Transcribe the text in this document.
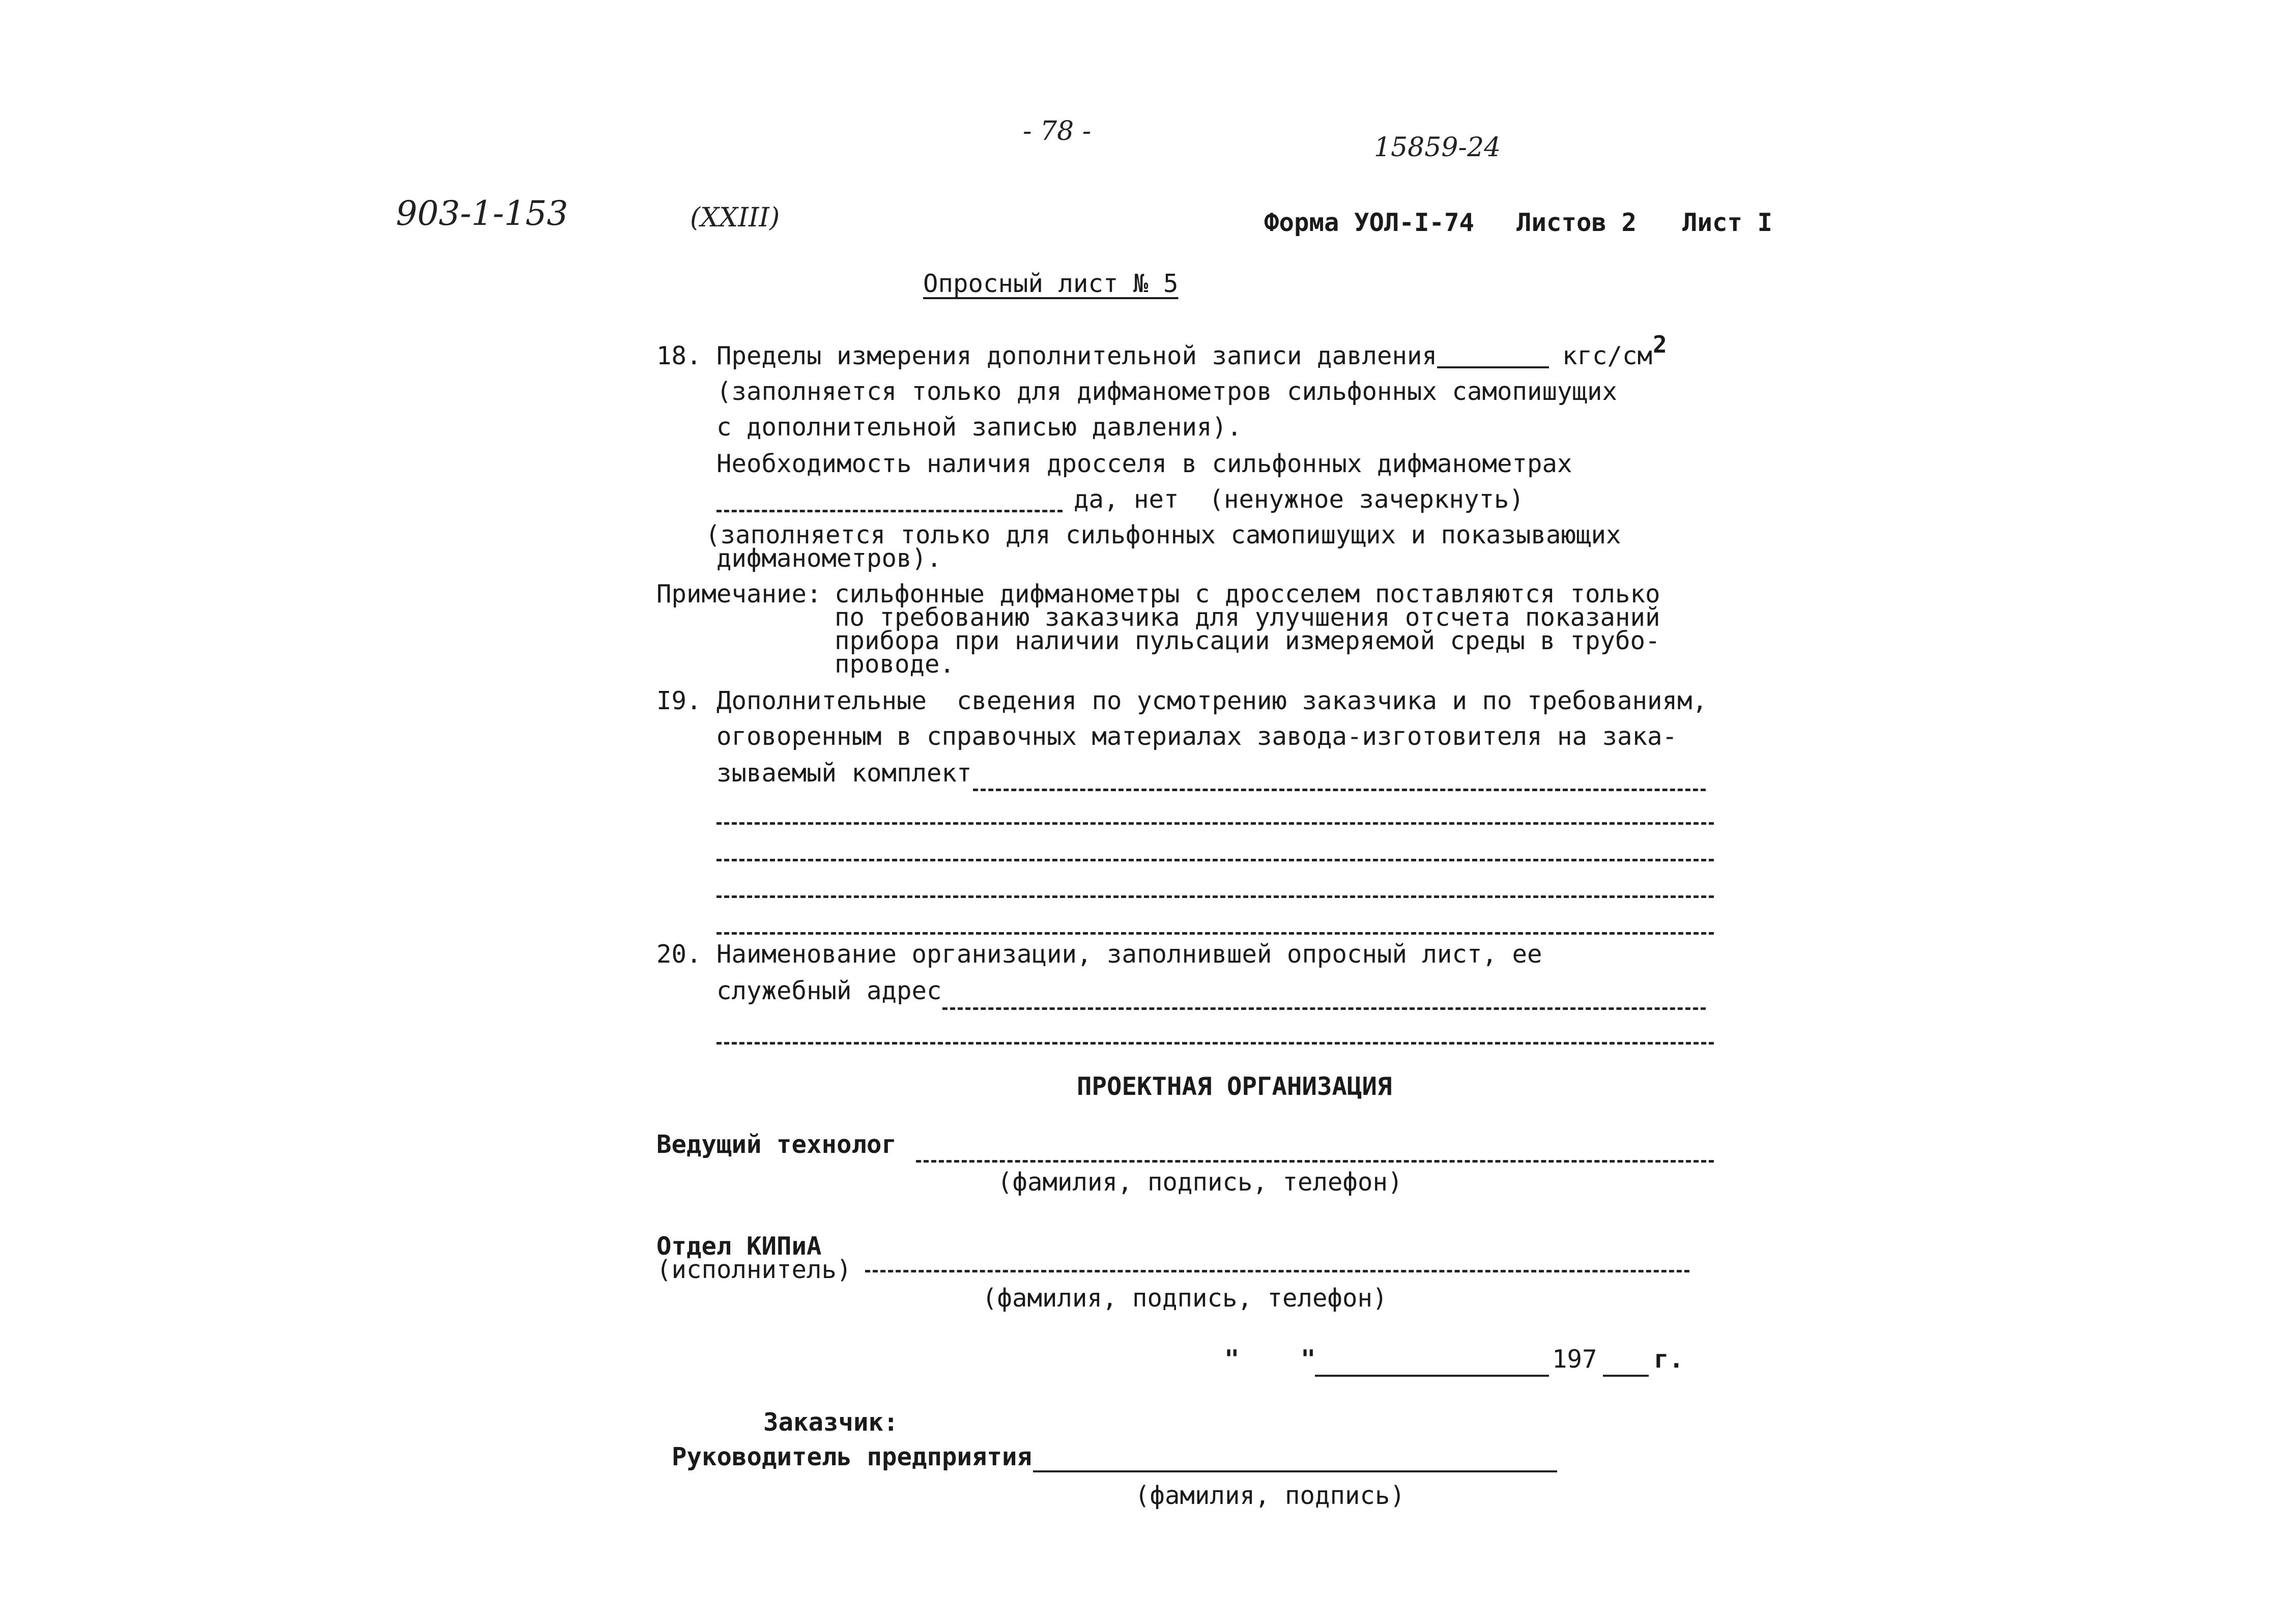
- 78 -
15859-24
903-1-153	(XXIII)	Форма УОЛ-I-74 Листов 2 Лист I
Опросный лист № 5
18. Пределы измерения дополнительной записи давления	кгс/см 2
(заполняется только для дифманометров сильфонных самопишущих
с дополнительной записью давления).
Необходимость наличия дросселя в сильфонных дифманометрах
да, нет  (ненужное зачеркнуть)
(заполняется только для сильфонных самопишущих и показывающих
дифманометров).
Примечание: сильфонные дифманометры с дросселем поставляются только
по требованию заказчика для улучшения отсчета показаний
прибора при наличии пульсации измеряемой среды в трубо-
проводе.
I9. Дополнительные  сведения по усмотрению заказчика и по требованиям,
оговоренным в справочных материалах завода-изготовителя на зака-
зываемый комплект
20. Наименование организации, заполнившей опросный лист, ее
служебный адрес
ПРОЕКТНАЯ ОРГАНИЗАЦИЯ
Ведущий технолог
(фамилия, подпись, телефон)
Отдел КИПиА
(исполнитель)
(фамилия, подпись, телефон)
" "	197 г.
Заказчик:
Руководитель предприятия
(фамилия, подпись)
